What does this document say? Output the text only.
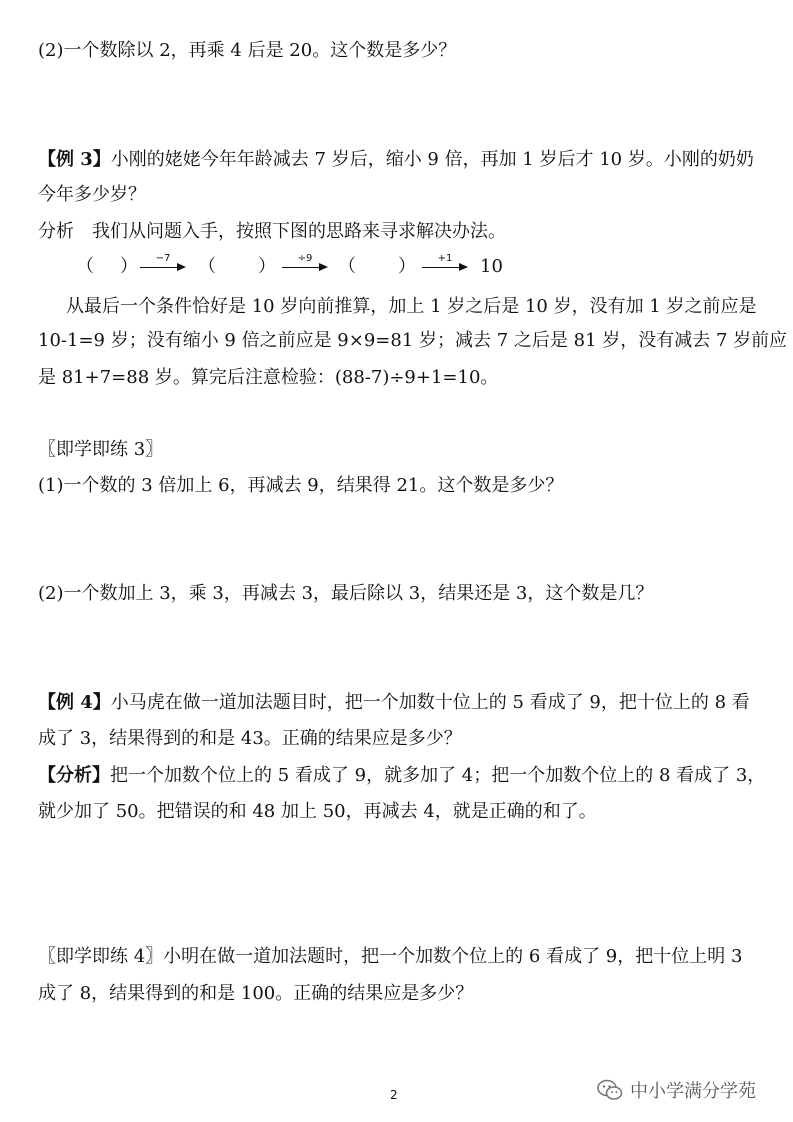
(2)一个数除以 2，再乘 4 后是 20。这个数是多少？
【例 3】小刚的姥姥今年年龄减去 7 岁后，缩小 9 倍，再加 1 岁后才 10 岁。小刚的奶奶
今年多少岁？
分析　我们从问题入手，按照下图的思路来寻求解决办法。
（ ）	−7	（ ）	÷9	（ ）	+1	10
从最后一个条件恰好是 10 岁向前推算，加上 1 岁之后是 10 岁，没有加 1 岁之前应是
10-1=9 岁；没有缩小 9 倍之前应是 9×9=81 岁；减去 7 之后是 81 岁，没有减去 7 岁前应
是 81+7=88 岁。算完后注意检验：(88-7)÷9+1=10。
〖即学即练 3〗
(1)一个数的 3 倍加上 6，再减去 9，结果得 21。这个数是多少？
(2)一个数加上 3，乘 3，再减去 3，最后除以 3，结果还是 3，这个数是几？
【例 4】小马虎在做一道加法题目时，把一个加数十位上的 5 看成了 9，把十位上的 8 看
成了 3，结果得到的和是 43。正确的结果应是多少？
【分析】把一个加数个位上的 5 看成了 9，就多加了 4；把一个加数个位上的 8 看成了 3，
就少加了 50。把错误的和 48 加上 50，再减去 4，就是正确的和了。
〖即学即练 4〗小明在做一道加法题时，把一个加数个位上的 6 看成了 9，把十位上明 3
成了 8，结果得到的和是 100。正确的结果应是多少？
2	中小学满分学苑
